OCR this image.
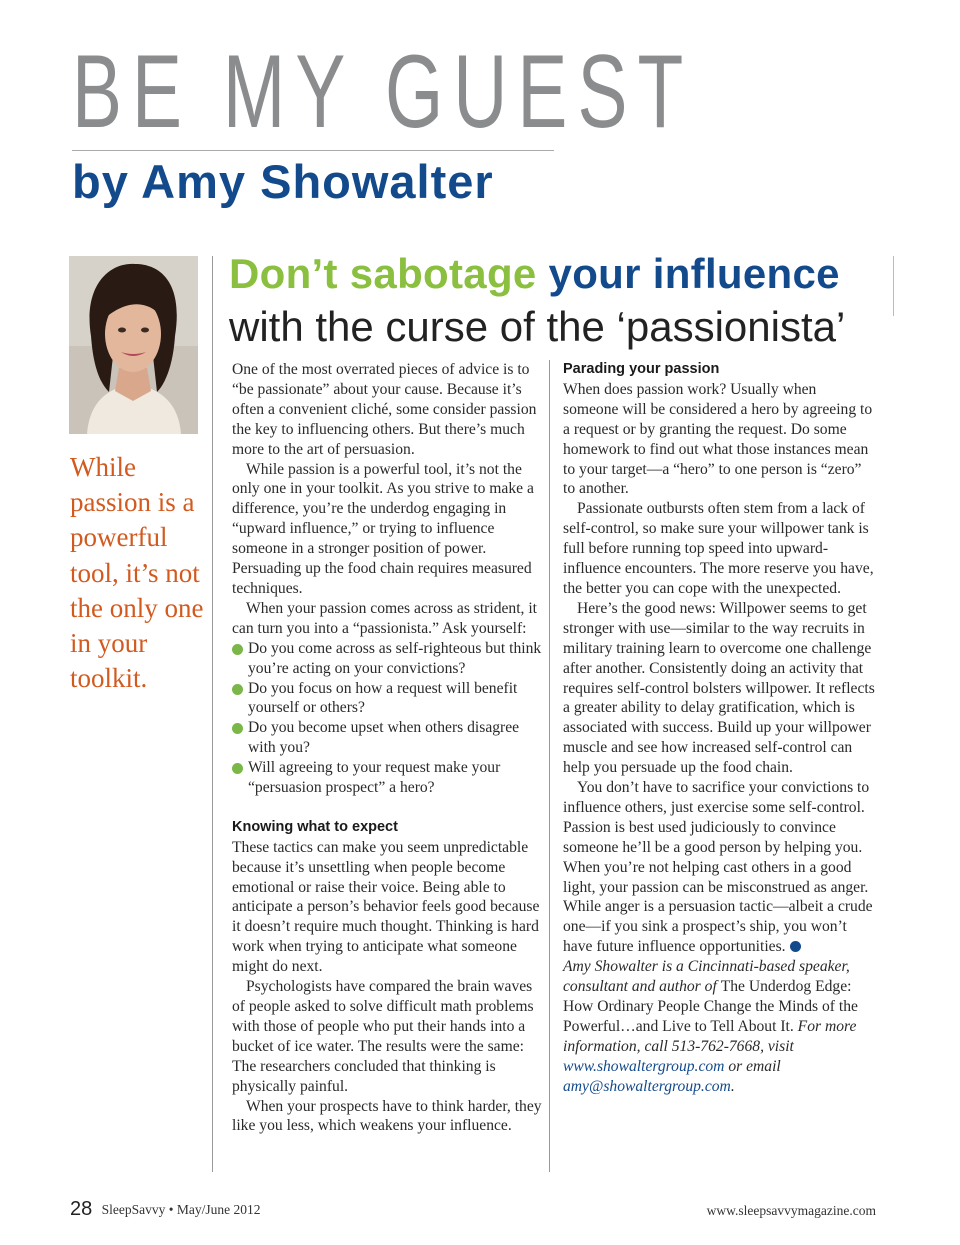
BE MY GUEST
by Amy Showalter
While passion is a powerful tool, it’s not the only one in your toolkit.
Don’t sabotage your influence
with the curse of the ‘passionista’

One of the most overrated pieces of advice is to “be passionate” about your cause. Because it’s often a convenient cliché, some consider passion the key to influencing others. But there’s much more to the art of persuasion.

While passion is a powerful tool, it’s not the only one in your toolkit. As you strive to make a difference, you’re the underdog engaging in “upward influence,” or trying to influence someone in a stronger position of power. Persuading up the food chain requires measured techniques.

When your passion comes across as strident, it can turn you into a “passionista.” Ask yourself:

Do you come across as self-righteous but think you’re acting on your convictions?
Do you focus on how a request will benefit yourself or others?
Do you become upset when others disagree with you?
Will agreeing to your request make your “persuasion prospect” a hero?
Knowing what to expect

These tactics can make you seem unpredictable because it’s unsettling when people become emotional or raise their voice. Being able to anticipate a person’s behavior feels good because it doesn’t require much thought. Thinking is hard work when trying to anticipate what someone might do next.

Psychologists have compared the brain waves of people asked to solve difficult math problems with those of people who put their hands into a bucket of ice water. The results were the same: The researchers concluded that thinking is physically painful.

When your prospects have to think harder, they like you less, which weakens your influence.

Parading your passion

When does passion work? Usually when someone will be considered a hero by agreeing to a request or by granting the request. Do some homework to find out what those instances mean to your target—a “hero” to one person is “zero” to another.

Passionate outbursts often stem from a lack of self-control, so make sure your willpower tank is full before running top speed into upward-influence encounters. The more reserve you have, the better you can cope with the unexpected.

Here’s the good news: Willpower seems to get stronger with use—similar to the way recruits in military training learn to overcome one challenge after another. Consistently doing an activity that requires self-control bolsters willpower. It reflects a greater ability to delay gratification, which is associated with success. Build up your willpower muscle and see how increased self-control can help you persuade up the food chain.

You don’t have to sacrifice your convictions to influence others, just exercise some self-control. Passion is best used judiciously to convince someone he’ll be a good person by helping you. When you’re not helping cast others in a good light, your passion can be misconstrued as anger. While anger is a persuasion tactic—albeit a crude one—if you sink a prospect’s ship, you won’t have future influence opportunities.

Amy Showalter is a Cincinnati-based speaker, consultant and author of The Underdog Edge: How Ordinary People Change the Minds of the Powerful…and Live to Tell About It. For more information, call 513-762-7668, visit www.showaltergroup.com or email amy@showaltergroup.com.

28 SleepSavvy • May/June 2012	www.sleepsavvymagazine.com
